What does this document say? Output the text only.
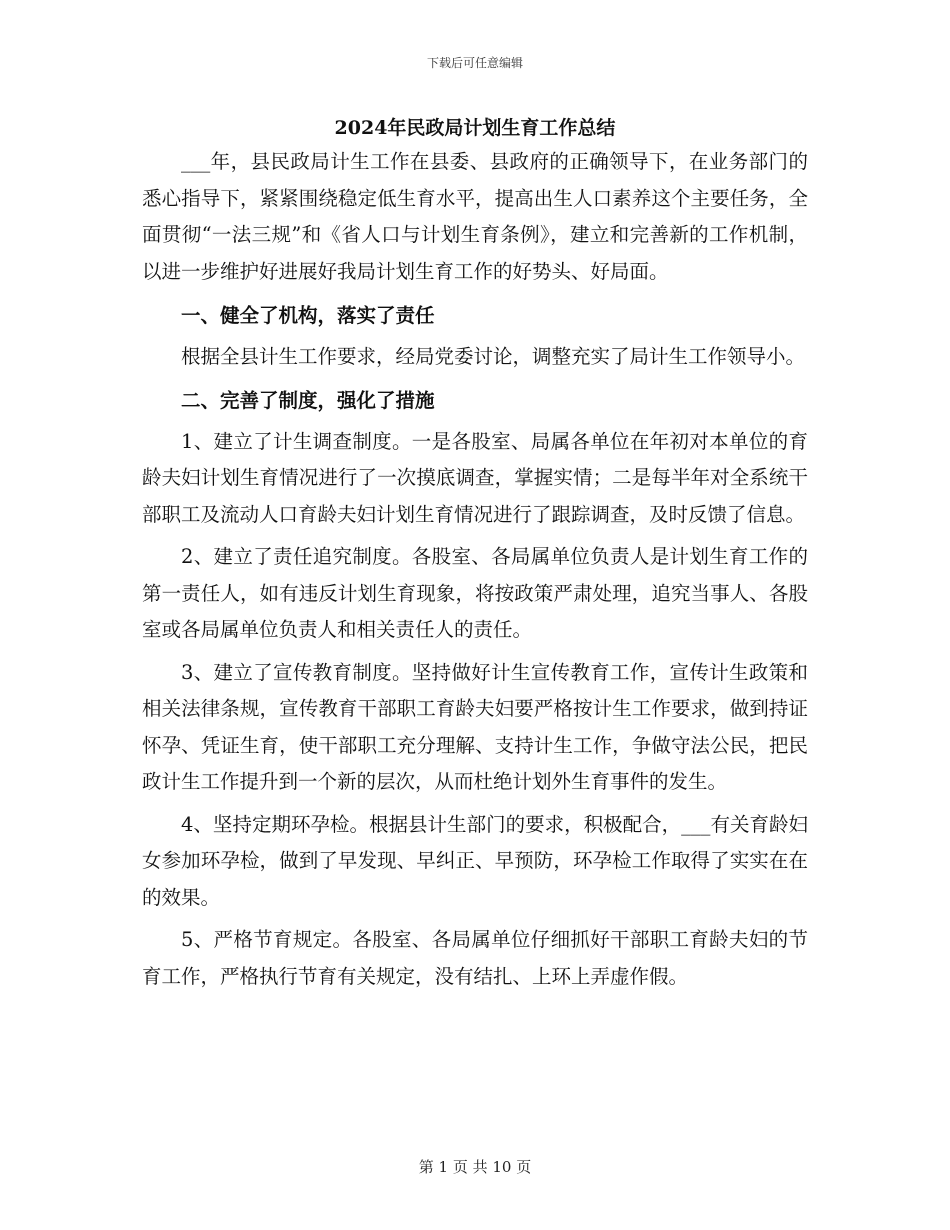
下载后可任意编辑
2024年民政局计划生育工作总结

___年，县民政局计生工作在县委、县政府的正确领导下，在业务部门的悉心指导下，紧紧围绕稳定低生育水平，提高出生人口素养这个主要任务，全面贯彻“一法三规”和《省人口与计划生育条例》，建立和完善新的工作机制，以进一步维护好进展好我局计划生育工作的好势头、好局面。

一、健全了机构，落实了责任

根据全县计生工作要求，经局党委讨论，调整充实了局计生工作领导小。

二、完善了制度，强化了措施

1、建立了计生调查制度。一是各股室、局属各单位在年初对本单位的育龄夫妇计划生育情况进行了一次摸底调查，掌握实情；二是每半年对全系统干部职工及流动人口育龄夫妇计划生育情况进行了跟踪调查，及时反馈了信息。

2、建立了责任追究制度。各股室、各局属单位负责人是计划生育工作的第一责任人，如有违反计划生育现象，将按政策严肃处理，追究当事人、各股室或各局属单位负责人和相关责任人的责任。

3、建立了宣传教育制度。坚持做好计生宣传教育工作，宣传计生政策和相关法律条规，宣传教育干部职工育龄夫妇要严格按计生工作要求，做到持证怀孕、凭证生育，使干部职工充分理解、支持计生工作，争做守法公民，把民政计生工作提升到一个新的层次，从而杜绝计划外生育事件的发生。

4、坚持定期环孕检。根据县计生部门的要求，积极配合，___有关育龄妇女参加环孕检，做到了早发现、早纠正、早预防，环孕检工作取得了实实在在的效果。

5、严格节育规定。各股室、各局属单位仔细抓好干部职工育龄夫妇的节育工作，严格执行节育有关规定，没有结扎、上环上弄虚作假。

第 1 页 共 10 页
